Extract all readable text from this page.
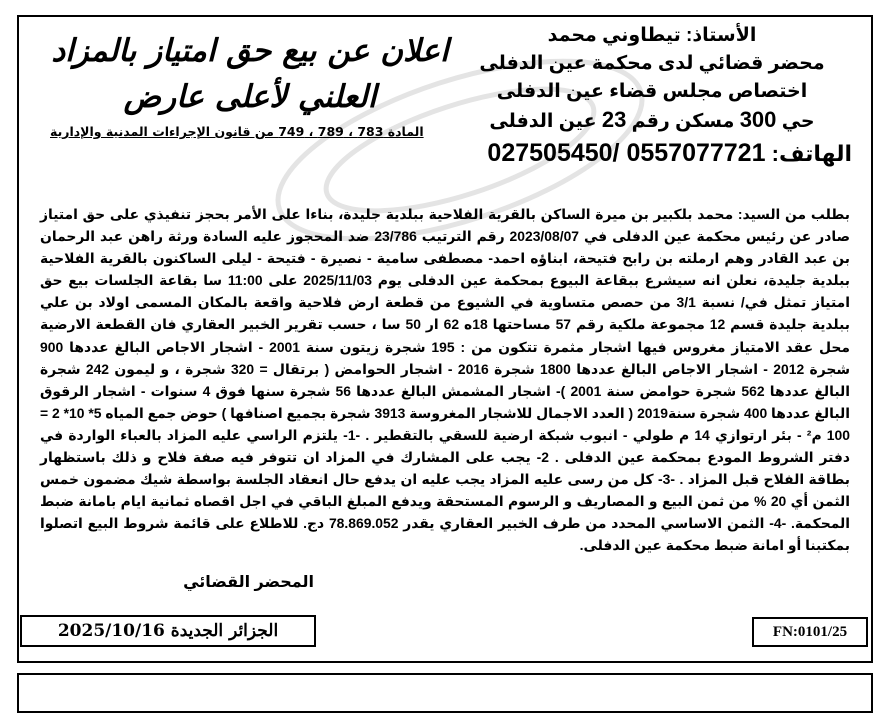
الأستاذ: تيطاوني محمد
محضر قضائي لدى محكمة عين الدفلى
اختصاص مجلس قضاء عين الدفلى
حي 300 مسكن رقم 23 عين الدفلى
الهاتف: 027505450/ 0557077721
اعلان عن بيع حق امتياز بالمزاد
العلني لأعلى عارض
المادة 783 ، 789 ، 749 من قانون الإجراءات المدنية والإدارية
بطلب من السيد: محمد بلكبير بن ميرة الساكن بالقرية الفلاحية ببلدية جليدة، بناءا على الأمر بحجز تنفيذي على حق امتياز صادر عن رئيس محكمة عين الدفلى في 2023/08/07 رقم الترتيب 23/786 ضد المحجوز عليه السادة ورثة راهن عبد الرحمان بن عبد القادر وهم ارملته بن رابح فتيحة، ابناؤه احمد- مصطفى سامية - نصيرة - فتيحة - ليلى الساكنون بالقرية الفلاحية ببلدية جليدة، نعلن انه سيشرع ببقاعة البيوع بمحكمة عين الدفلى يوم 2025/11/03 على 11:00 سا بقاعة الجلسات بيع حق امتياز تمثل في/ نسبة 3/1 من حصص متساوية في الشيوع من قطعة ارض فلاحية واقعة بالمكان المسمى اولاد بن علي ببلدية جليدة قسم 12 مجموعة ملكية رقم 57 مساحتها 18ه 62 ار 50 سا ، حسب تقرير الخبير العقاري فان القطعة الارضية محل عقد الامتياز مغروس فيها اشجار مثمرة تتكون من : 195 شجرة زيتون سنة 2001 - اشجار الاجاص البالغ عددها 900 شجرة 2012 - اشجار الاجاص البالغ عددها 1800 شجرة 2016 - اشجار الحوامض ( برتقال = 320 شجرة ، و ليمون 242 شجرة البالغ عددها 562 شجرة حوامض سنة 2001 )- اشجار المشمش البالغ عددها 56 شجرة سنها فوق 4 سنوات - اشجار الرقوق البالغ عددها 400 شجرة سنة2019 ( العدد الاجمال للاشجار المغروسة 3913 شجرة بجميع اصنافها ) حوض جمع المياه 5* 10* 2 = 100 م² - بئر ارتوازي 14 م طولي - انبوب شبكة ارضية للسقي بالتقطير . -1- يلتزم الراسي عليه المزاد بالعباء الواردة في دفتر الشروط المودع بمحكمة عين الدفلى . 2- يجب على المشارك في المزاد ان تتوفر فيه صفة فلاح و ذلك باستظهار بطاقة الفلاح قبل المزاد . -3- كل من رسى عليه المزاد يجب عليه ان يدفع حال انعقاد الجلسة بواسطة شيك مضمون خمس الثمن أي 20 % من ثمن البيع و المصاريف و الرسوم المستحقة ويدفع المبلغ الباقي في اجل اقصاه ثمانية ايام بامانة ضبط المحكمة. -4- الثمن الاساسي المحدد من طرف الخبير العقاري يقدر 78.869.052 دج. للاطلاع على قائمة شروط البيع اتصلوا بمكتبنا أو امانة ضبط محكمة عين الدفلى.
المحضر القضائي
الجزائر الجديدة 2025/10/16	FN:0101/25
